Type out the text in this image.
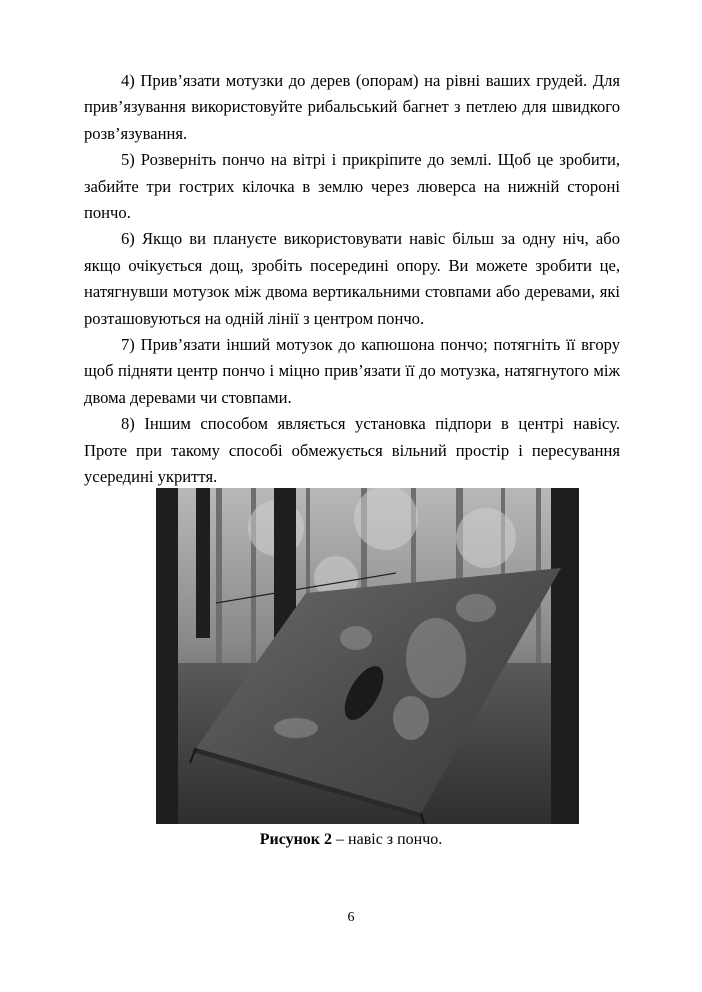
4) Прив’язати мотузки до дерев (опорам) на рівні ваших грудей. Для прив’язування використовуйте рибальський багнет з петлею для швидкого розв’язування.

5) Розверніть пончо на вітрі і прикріпите до землі. Щоб це зробити, забийте три гострих кілочка в землю через люверса на нижній стороні пончо.

6) Якщо ви плануєте використовувати навіс більш за одну ніч, або якщо очікується дощ, зробіть посередині опору. Ви можете зробити це, натягнувши мотузок між двома вертикальними стовпами або деревами, які розташовуються на одній лінії з центром пончо.

7) Прив’язати інший мотузок до капюшона пончо; потягніть її вгору щоб підняти центр пончо і міцно прив’язати її до мотузка, натягнутого між двома деревами чи стовпами.

8) Іншим способом являється установка підпори в центрі навісу. Проте при такому способі обмежується вільний простір і пересування усередині укриття.

Рисунок 2 – навіс з пончо.
6
